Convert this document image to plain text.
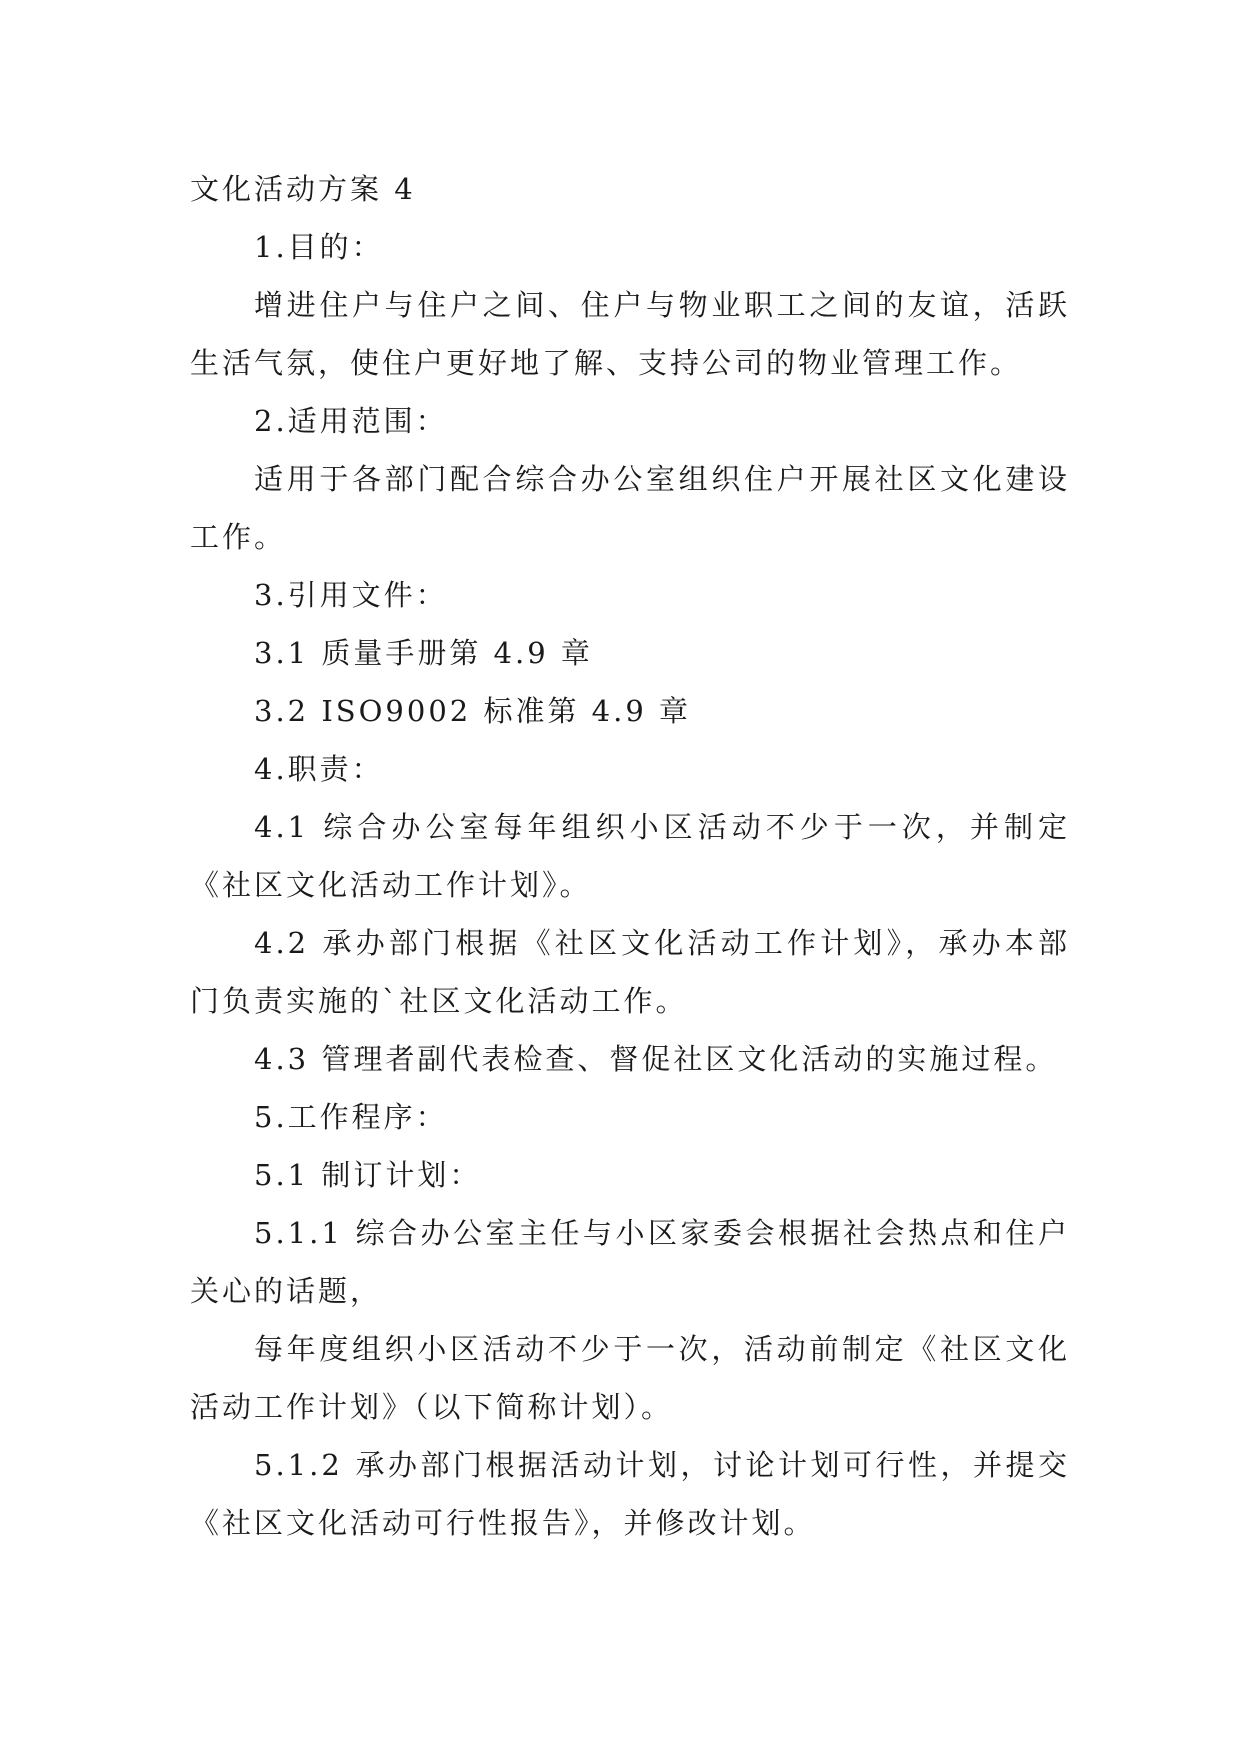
文化活动方案 4

1.目的：

增进住户与住户之间、住户与物业职工之间的友谊，活跃生活气氛，使住户更好地了解、支持公司的物业管理工作。

2.适用范围：

适用于各部门配合综合办公室组织住户开展社区文化建设工作。

3.引用文件：

3.1 质量手册第 4.9 章

3.2 ISO9002 标准第 4.9 章

4.职责：

4.1 综合办公室每年组织小区活动不少于一次，并制定《社区文化活动工作计划》。

4.2 承办部门根据《社区文化活动工作计划》，承办本部门负责实施的`社区文化活动工作。

4.3 管理者副代表检查、督促社区文化活动的实施过程。

5.工作程序：

5.1 制订计划：

5.1.1 综合办公室主任与小区家委会根据社会热点和住户关心的话题，

每年度组织小区活动不少于一次，活动前制定《社区文化活动工作计划》（以下简称计划）。

5.1.2 承办部门根据活动计划，讨论计划可行性，并提交《社区文化活动可行性报告》，并修改计划。
